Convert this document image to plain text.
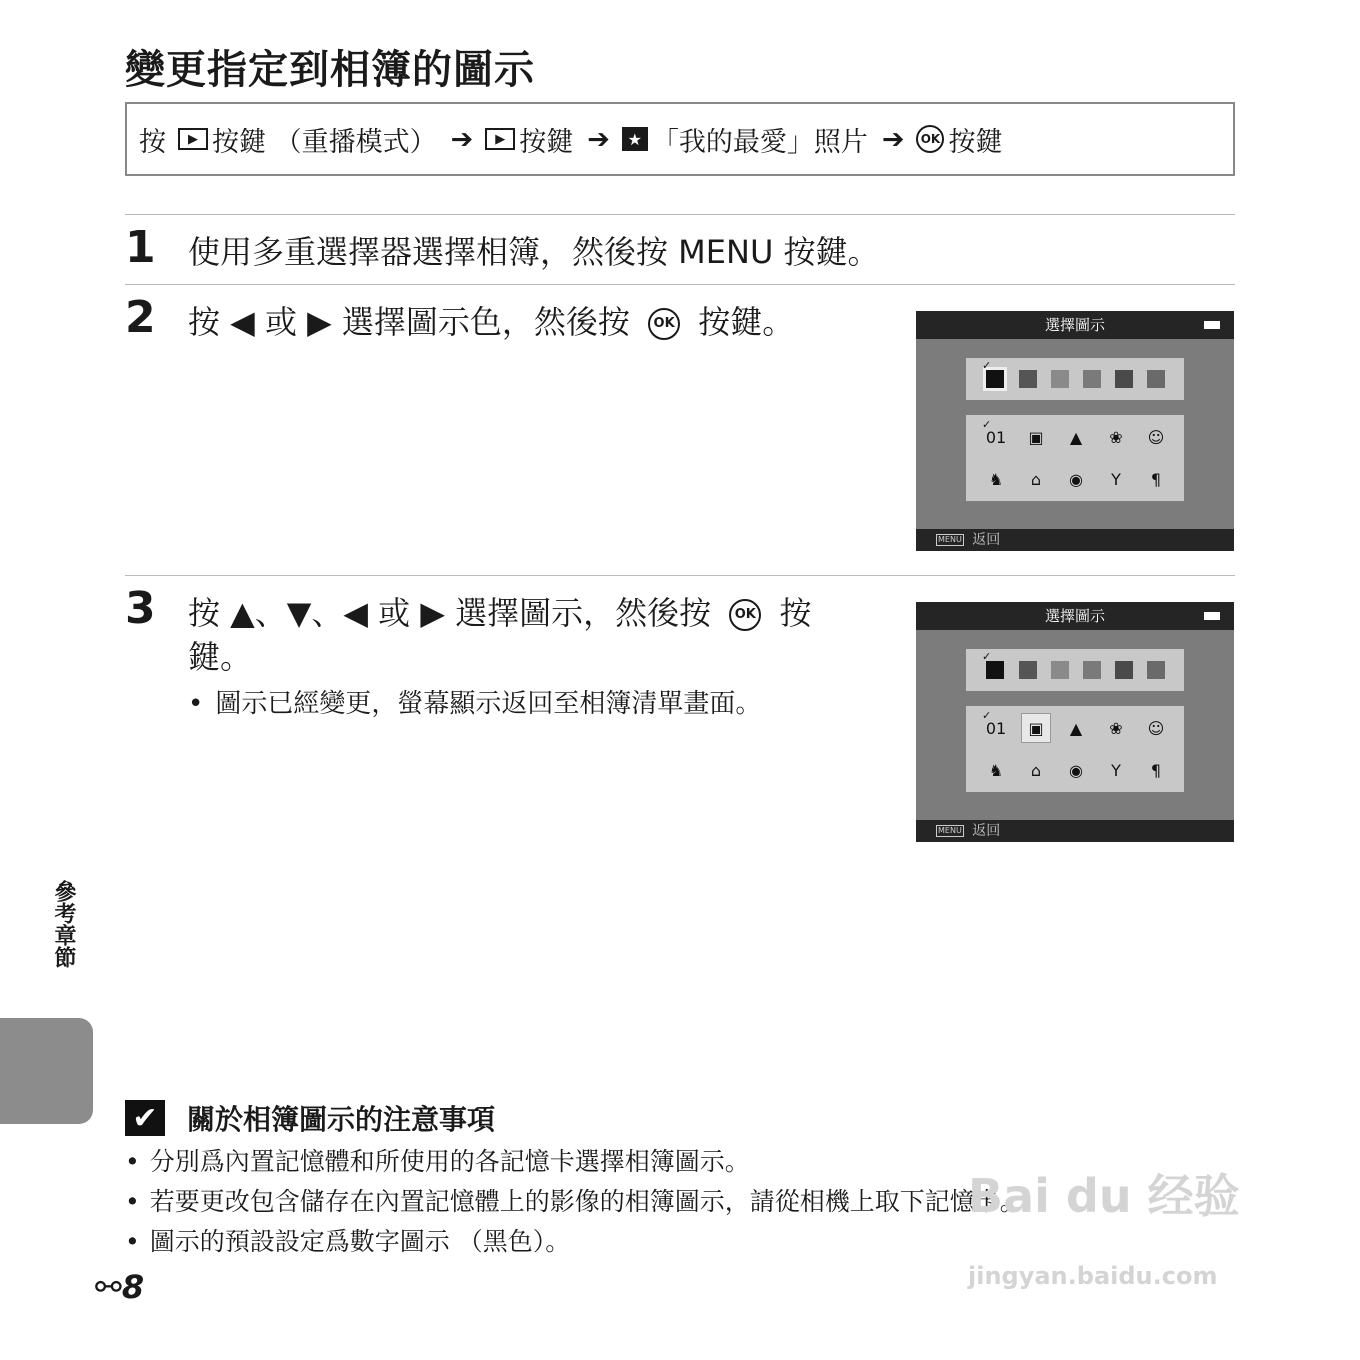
變更指定到相簿的圖示
按	▶ 按鍵 （重播模式） ➔	▶ 按鍵 ➔	★ 「我的最愛」照片 ➔	OK 按鍵
1 使用多重選擇器選擇相簿，然後按 MENU 按鍵。
2 按 ◀ 或 ▶ 選擇圖示色，然後按 OK 按鍵。	選擇圖示
✓
✓
01	▣	▲	❀	☺
♞	⌂	◉	Y	¶
MENU 返回
3 按 ▲、▼、◀ 或 ▶ 選擇圖示，然後按 OK 按
鍵。
• 圖示已經變更，螢幕顯示返回至相簿清單畫面。
選擇圖示
✓
✓
01	▣	▲	❀	☺
♞	⌂	◉	Y	¶
MENU 返回
參考章節
✔ 關於相簿圖示的注意事項
• 分別爲內置記憶體和所使用的各記憶卡選擇相簿圖示。
• 若要更改包含儲存在內置記憶體上的影像的相簿圖示，請從相機上取下記憶卡。
• 圖示的預設設定爲數字圖示 （黑色）。
⚯8
Bai du 经验
jingyan.baidu.com
